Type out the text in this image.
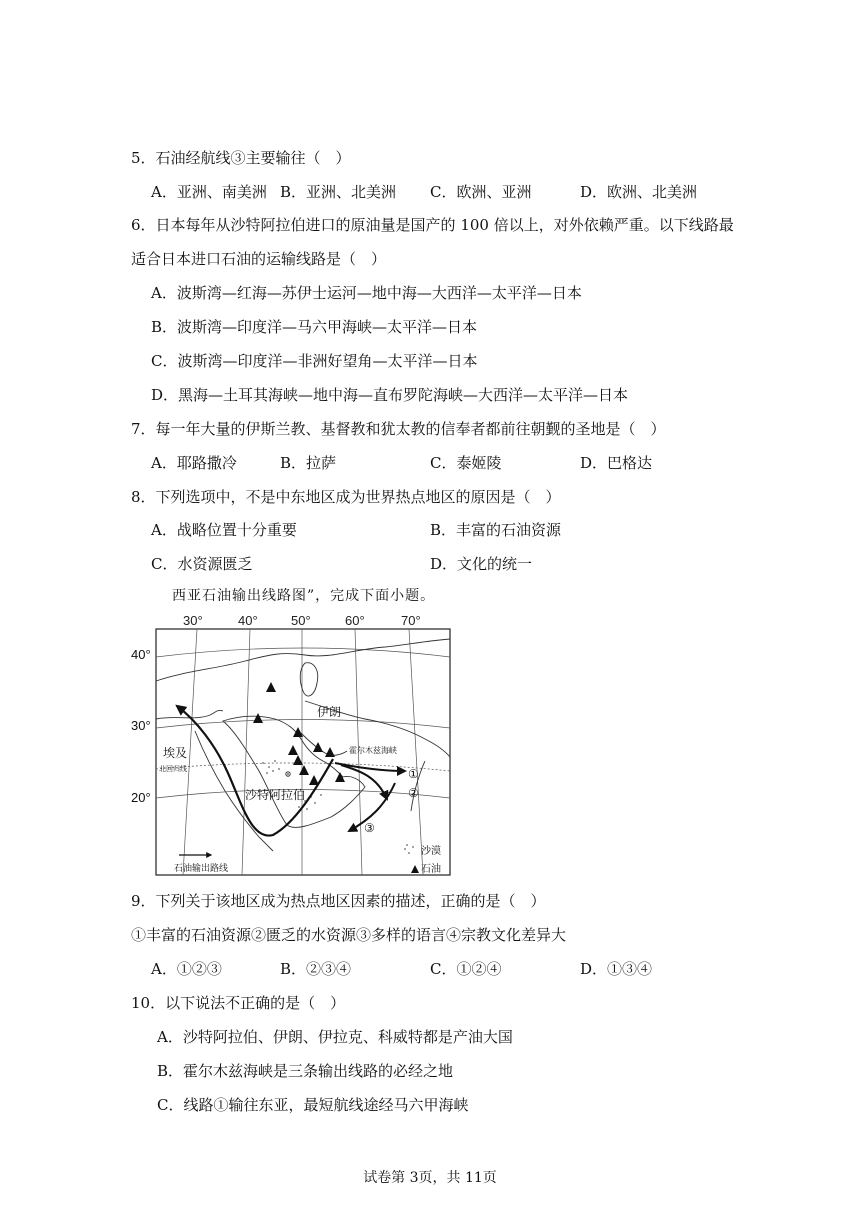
5．石油经航线③主要输往（　）
A．亚洲、南美洲 B．亚洲、北美洲 C．欧洲、亚洲	D．欧洲、北美洲
6．日本每年从沙特阿拉伯进口的原油量是国产的 100 倍以上，对外依赖严重。以下线路最
适合日本进口石油的运输线路是（　）
A．波斯湾—红海—苏伊士运河—地中海—大西洋—太平洋—日本
B．波斯湾—印度洋—马六甲海峡—太平洋—日本
C．波斯湾—印度洋—非洲好望角—太平洋—日本
D．黑海—土耳其海峡—地中海—直布罗陀海峡—大西洋—太平洋—日本
7．每一年大量的伊斯兰教、基督教和犹太教的信奉者都前往朝觐的圣地是（　）
A．耶路撒冷	B．拉萨	C．泰姬陵	D．巴格达
8．下列选项中，不是中东地区成为世界热点地区的原因是（　）
A．战略位置十分重要	B．丰富的石油资源
C．水资源匮乏	D．文化的统一
西亚石油输出线路图”，完成下面小题。
30°	40°	50°	60°	70°
伊朗
埃及
沙特阿拉伯
霍尔木兹海峡
北回归线	①
②
③
石油输出路线
沙漠
石油
40°
30°
20°
9．下列关于该地区成为热点地区因素的描述，正确的是（　）
①丰富的石油资源②匮乏的水资源③多样的语言④宗教文化差异大
A．①②③	B．②③④	C．①②④	D．①③④
10．以下说法不正确的是（　）
A．沙特阿拉伯、伊朗、伊拉克、科威特都是产油大国
B．霍尔木兹海峡是三条输出线路的必经之地
C．线路①输往东亚，最短航线途经马六甲海峡
试卷第 3页，共 11页
